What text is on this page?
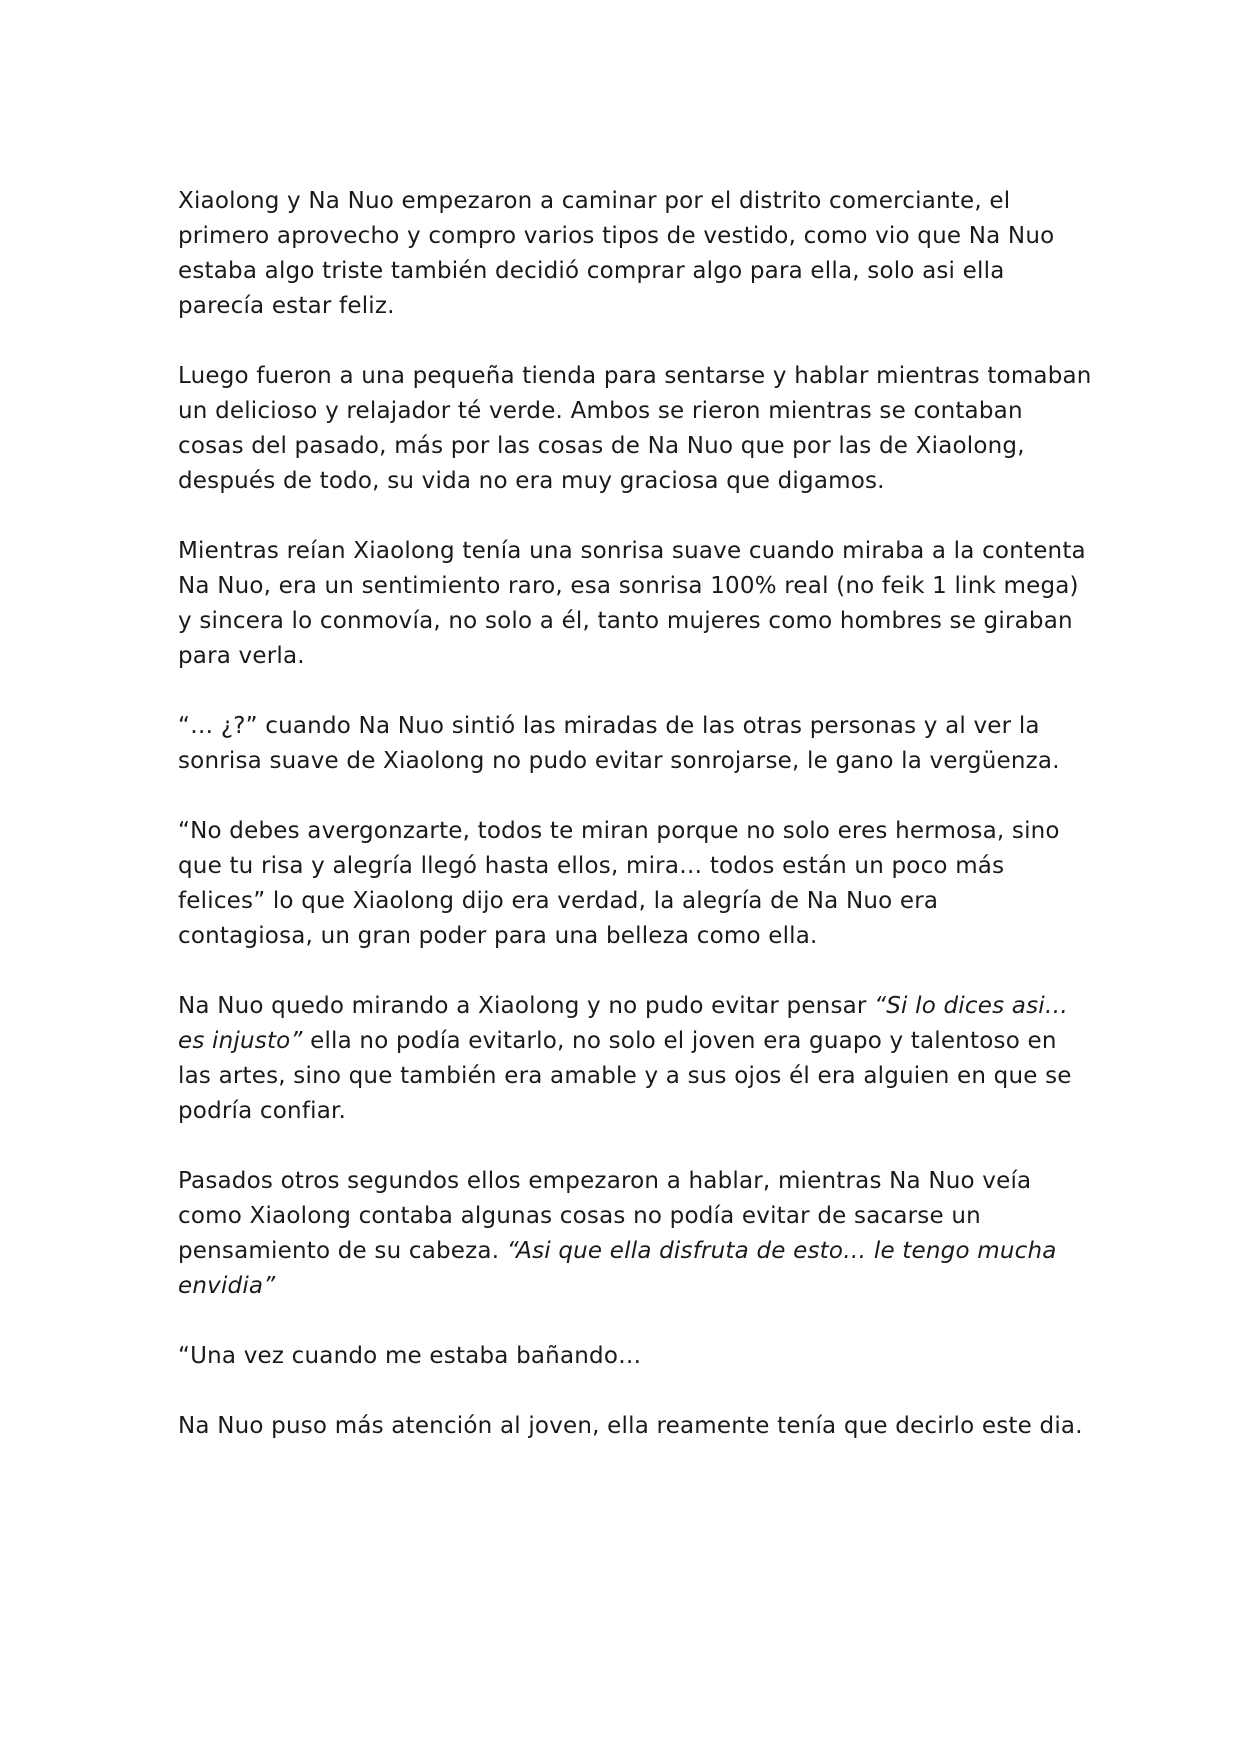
Xiaolong y Na Nuo empezaron a caminar por el distrito comerciante, el
primero aprovecho y compro varios tipos de vestido, como vio que Na Nuo
estaba algo triste también decidió comprar algo para ella, solo asi ella
parecía estar feliz.

Luego fueron a una pequeña tienda para sentarse y hablar mientras tomaban
un delicioso y relajador té verde. Ambos se rieron mientras se contaban
cosas del pasado, más por las cosas de Na Nuo que por las de Xiaolong,
después de todo, su vida no era muy graciosa que digamos.

Mientras reían Xiaolong tenía una sonrisa suave cuando miraba a la contenta
Na Nuo, era un sentimiento raro, esa sonrisa 100% real (no feik 1 link mega)
y sincera lo conmovía, no solo a él, tanto mujeres como hombres se giraban
para verla.

“… ¿?” cuando Na Nuo sintió las miradas de las otras personas y al ver la
sonrisa suave de Xiaolong no pudo evitar sonrojarse, le gano la vergüenza.

“No debes avergonzarte, todos te miran porque no solo eres hermosa, sino
que tu risa y alegría llegó hasta ellos, mira… todos están un poco más
felices” lo que Xiaolong dijo era verdad, la alegría de Na Nuo era
contagiosa, un gran poder para una belleza como ella.

Na Nuo quedo mirando a Xiaolong y no pudo evitar pensar “Si lo dices asi…
es injusto” ella no podía evitarlo, no solo el joven era guapo y talentoso en
las artes, sino que también era amable y a sus ojos él era alguien en que se
podría confiar.

Pasados otros segundos ellos empezaron a hablar, mientras Na Nuo veía
como Xiaolong contaba algunas cosas no podía evitar de sacarse un
pensamiento de su cabeza. “Asi que ella disfruta de esto… le tengo mucha
envidia”

“Una vez cuando me estaba bañando…

Na Nuo puso más atención al joven, ella reamente tenía que decirlo este dia.
